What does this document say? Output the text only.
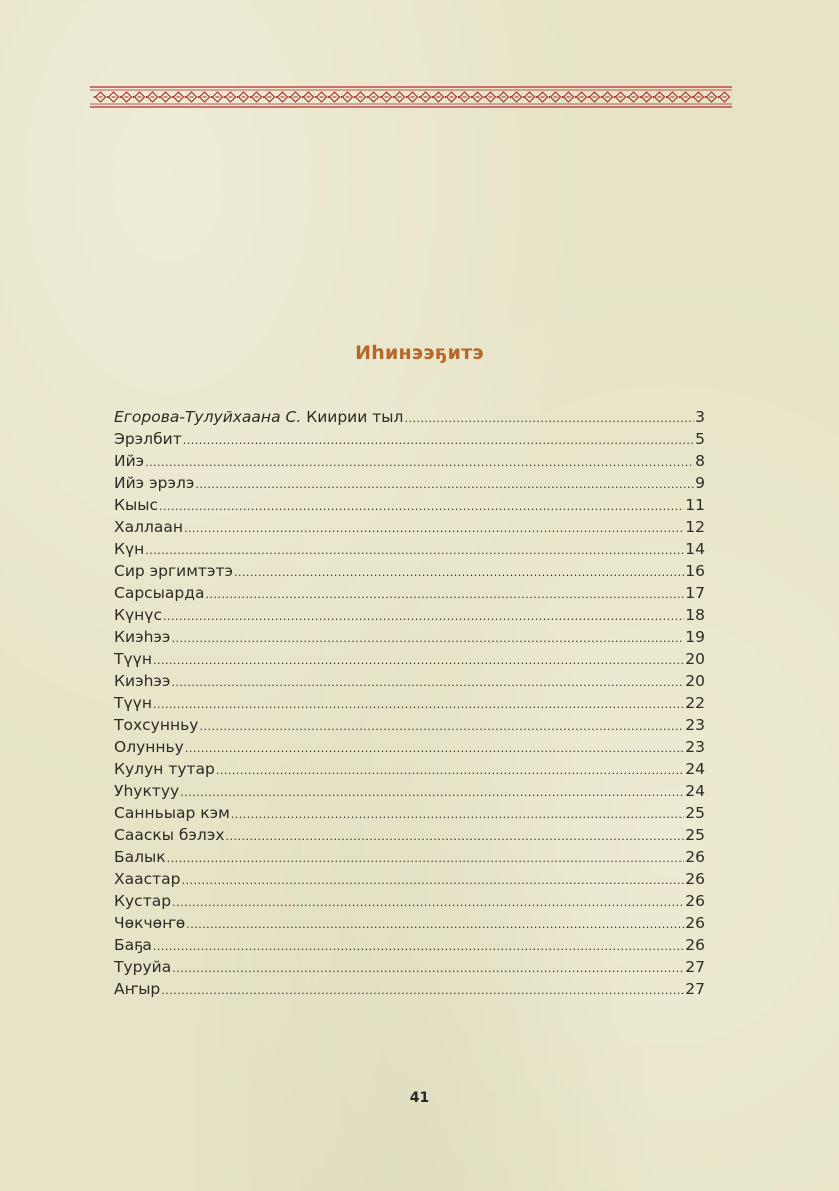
Иһинээҕитэ
Егорова-Тулуйхаана С. Киирии тыл .....	3
Эрэлбит .....	5
Ийэ .....	8
Ийэ эрэлэ .....	9
Кыыс .....	11
Халлаан .....	12
Күн .....	14
Сир эргимтэтэ .....	16
Сарсыарда .....	17
Күнүс .....	18
Киэһээ .....	19
Түүн .....	20
Киэһээ .....	20
Түүн .....	22
Тохсунньу .....	23
Олунньу .....	23
Кулун тутар .....	24
Уһуктуу .....	24
Санньыар кэм .....	25
Сааскы бэлэх .....	25
Балык .....	26
Хаастар .....	26
Кустар .....	26
Чөкчөҥө .....	26
Баҕа .....	26
Туруйа .....	27
Аҥыр .....	27
41
